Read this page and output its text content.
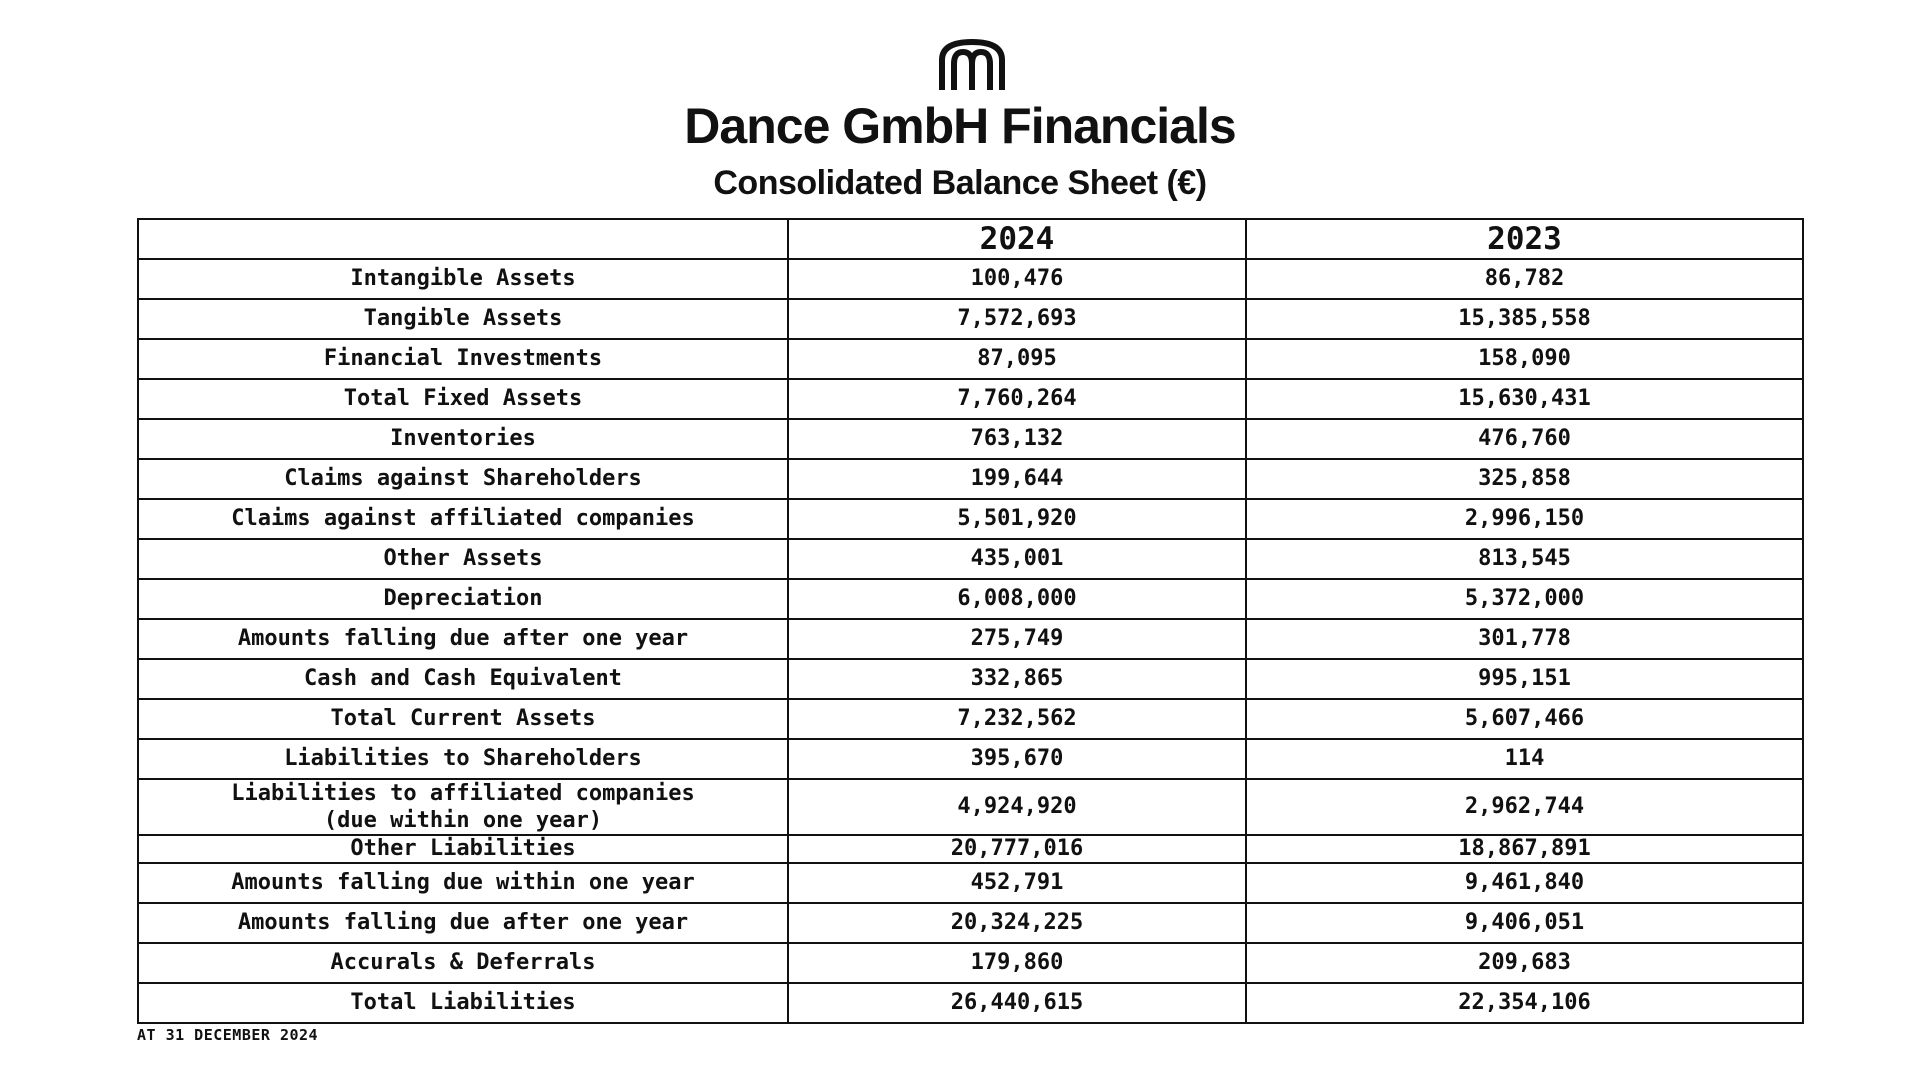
Dance GmbH Financials
Consolidated Balance Sheet (€)
	2024	2023
Intangible Assets	100,476	86,782
Tangible Assets	7,572,693	15,385,558
Financial Investments	87,095	158,090
Total Fixed Assets	7,760,264	15,630,431
Inventories	763,132	476,760
Claims against Shareholders	199,644	325,858
Claims against affiliated companies	5,501,920	2,996,150
Other Assets	435,001	813,545
Depreciation	6,008,000	5,372,000
Amounts falling due after one year	275,749	301,778
Cash and Cash Equivalent	332,865	995,151
Total Current Assets	7,232,562	5,607,466
Liabilities to Shareholders	395,670	114
Liabilities to affiliated companies
(due within one year)	4,924,920	2,962,744
Other Liabilities	20,777,016	18,867,891
Amounts falling due within one year	452,791	9,461,840
Amounts falling due after one year	20,324,225	9,406,051
Accurals & Deferrals	179,860	209,683
Total Liabilities	26,440,615	22,354,106
AT 31 DECEMBER 2024
